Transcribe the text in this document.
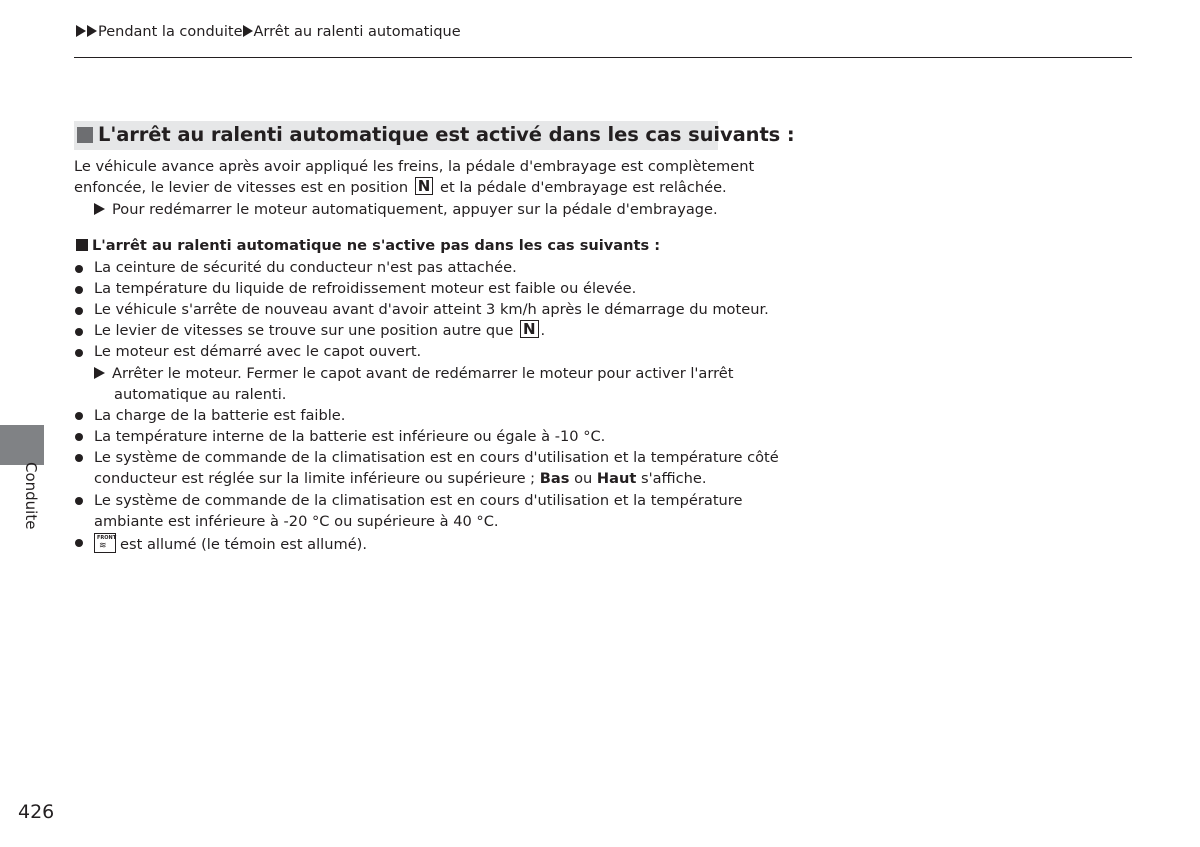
Pendant la conduite Arrêt au ralenti automatique
L'arrêt au ralenti automatique est activé dans les cas suivants :
Le véhicule avance après avoir appliqué les freins, la pédale d'embrayage est complètement
enfoncée, le levier de vitesses est en position N et la pédale d'embrayage est relâchée.
Pour redémarrer le moteur automatiquement, appuyer sur la pédale d'embrayage.
L'arrêt au ralenti automatique ne s'active pas dans les cas suivants :
La ceinture de sécurité du conducteur n'est pas attachée.
La température du liquide de refroidissement moteur est faible ou élevée.
Le véhicule s'arrête de nouveau avant d'avoir atteint 3 km/h après le démarrage du moteur.
Le levier de vitesses se trouve sur une position autre que N .
Le moteur est démarré avec le capot ouvert.
Arrêter le moteur. Fermer le capot avant de redémarrer le moteur pour activer l'arrêt
automatique au ralenti.
La charge de la batterie est faible.
La température interne de la batterie est inférieure ou égale à -10 °C.
Le système de commande de la climatisation est en cours d'utilisation et la température côté
conducteur est réglée sur la limite inférieure ou supérieure ; Bas ou Haut s'affiche.
Le système de commande de la climatisation est en cours d'utilisation et la température
ambiante est inférieure à -20 °C ou supérieure à 40 °C.
FRONT
≋ est allumé (le témoin est allumé).
Conduite
426
